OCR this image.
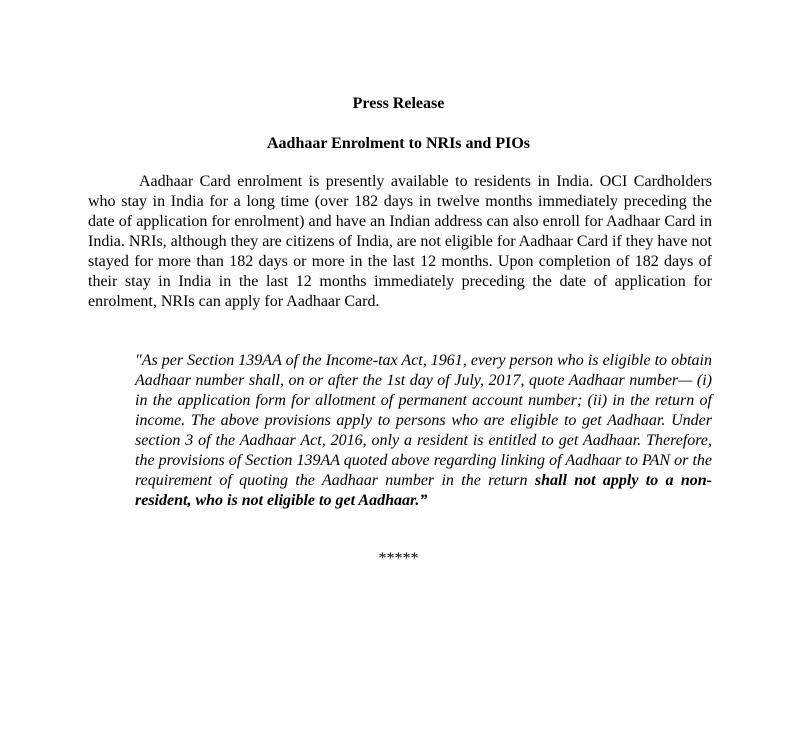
Press Release

Aadhaar Enrolment to NRIs and PIOs

Aadhaar Card enrolment is presently available to residents in India. OCI Cardholders who stay in India for a long time (over 182 days in twelve months immediately preceding the date of application for enrolment) and have an Indian address can also enroll for Aadhaar Card in India. NRIs, although they are citizens of India, are not eligible for Aadhaar Card if they have not stayed for more than 182 days or more in the last 12 months. Upon completion of 182 days of their stay in India in the last 12 months immediately preceding the date of application for enrolment, NRIs can apply for Aadhaar Card.

"As per Section 139AA of the Income-tax Act, 1961, every person who is eligible to obtain Aadhaar number shall, on or after the 1st day of July, 2017, quote Aadhaar number— (i) in the application form for allotment of permanent account number; (ii) in the return of income. The above provisions apply to persons who are eligible to get Aadhaar. Under section 3 of the Aadhaar Act, 2016, only a resident is entitled to get Aadhaar. Therefore, the provisions of Section 139AA quoted above regarding linking of Aadhaar to PAN or the requirement of quoting the Aadhaar number in the return shall not apply to a non-resident, who is not eligible to get Aadhaar.”

*****
